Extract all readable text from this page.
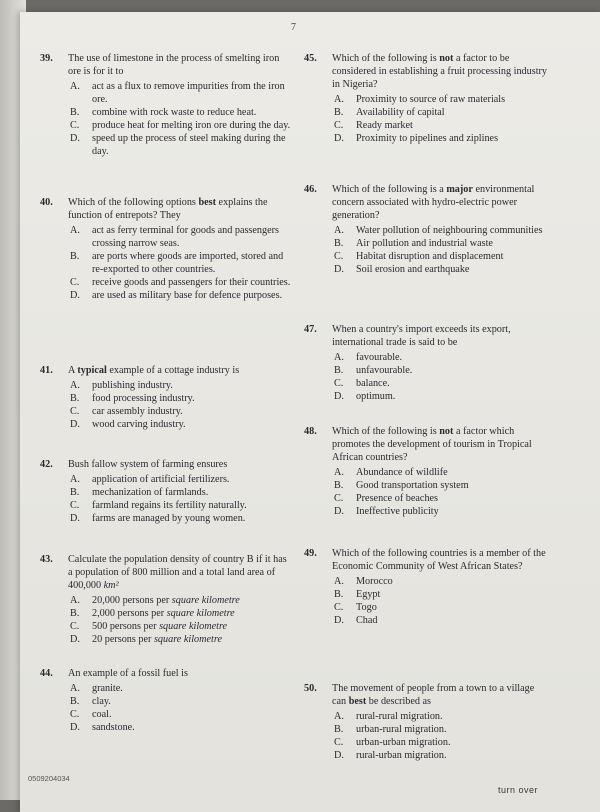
7
39.	The use of limestone in the process of smelting iron ore is for it to
A.	act as a flux to remove impurities from the iron ore.
B.	combine with rock waste to reduce heat.
C.	produce heat for melting iron ore during the day.
D.	speed up the process of steel making during the day.
40.	Which of the following options best explains the function of entrepots? They
A.	act as ferry terminal for goods and passengers crossing narrow seas.
B.	are ports where goods are imported, stored and re-exported to other countries.
C.	receive goods and passengers for their countries.
D.	are used as military base for defence purposes.
41.	A typical example of a cottage industry is
A.	publishing industry.
B.	food processing industry.
C.	car assembly industry.
D.	wood carving industry.
42.	Bush fallow system of farming ensures
A.	application of artificial fertilizers.
B.	mechanization of farmlands.
C.	farmland regains its fertility naturally.
D.	farms are managed by young women.
43.	Calculate the population density of country B if it has a population of 800 million and a total land area of 400,000 km²
A.	20,000 persons per square kilometre
B.	2,000 persons per square kilometre
C.	500 persons per square kilometre
D.	20 persons per square kilometre
44.	An example of a fossil fuel is
A.	granite.
B.	clay.
C.	coal.
D.	sandstone.
45.	Which of the following is not a factor to be considered in establishing a fruit processing industry in Nigeria?
A.	Proximity to source of raw materials
B.	Availability of capital
C.	Ready market
D.	Proximity to pipelines and ziplines
46.	Which of the following is a major environmental concern associated with hydro-electric power generation?
A.	Water pollution of neighbouring communities
B.	Air pollution and industrial waste
C.	Habitat disruption and displacement
D.	Soil erosion and earthquake
47.	When a country's import exceeds its export, international trade is said to be
A.	favourable.
B.	unfavourable.
C.	balance.
D.	optimum.
48.	Which of the following is not a factor which promotes the development of tourism in Tropical African countries?
A.	Abundance of wildlife
B.	Good transportation system
C.	Presence of beaches
D.	Ineffective publicity
49.	Which of the following countries is a member of the Economic Community of West African States?
A.	Morocco
B.	Egypt
C.	Togo
D.	Chad
50.	The movement of people from a town to a village can best be described as
A.	rural-rural migration.
B.	urban-rural migration.
C.	urban-urban migration.
D.	rural-urban migration.
0509204034
turn over
